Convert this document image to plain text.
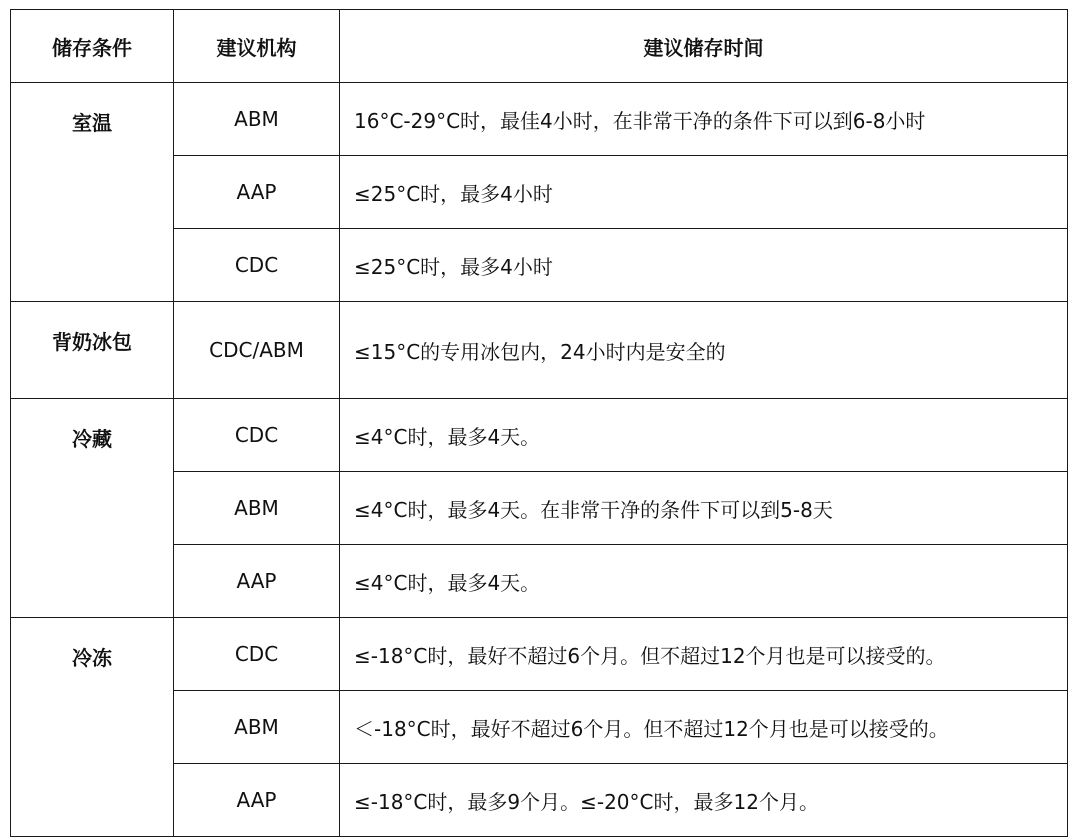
储存条件	建议机构	建议储存时间
室温	ABM	16°C-29°C时，最佳4小时，在非常干净的条件下可以到6-8小时
	AAP	≤25°C时，最多4小时
	CDC	≤25°C时，最多4小时
背奶冰包	CDC/ABM	≤15°C的专用冰包内，24小时内是安全的
冷藏	CDC	≤4°C时，最多4天。
	ABM	≤4°C时，最多4天。在非常干净的条件下可以到5-8天
	AAP	≤4°C时，最多4天。
冷冻	CDC	≤-18°C时，最好不超过6个月。但不超过12个月也是可以接受的。
	ABM	＜-18°C时，最好不超过6个月。但不超过12个月也是可以接受的。
	AAP	≤-18°C时，最多9个月。≤-20°C时，最多12个月。
